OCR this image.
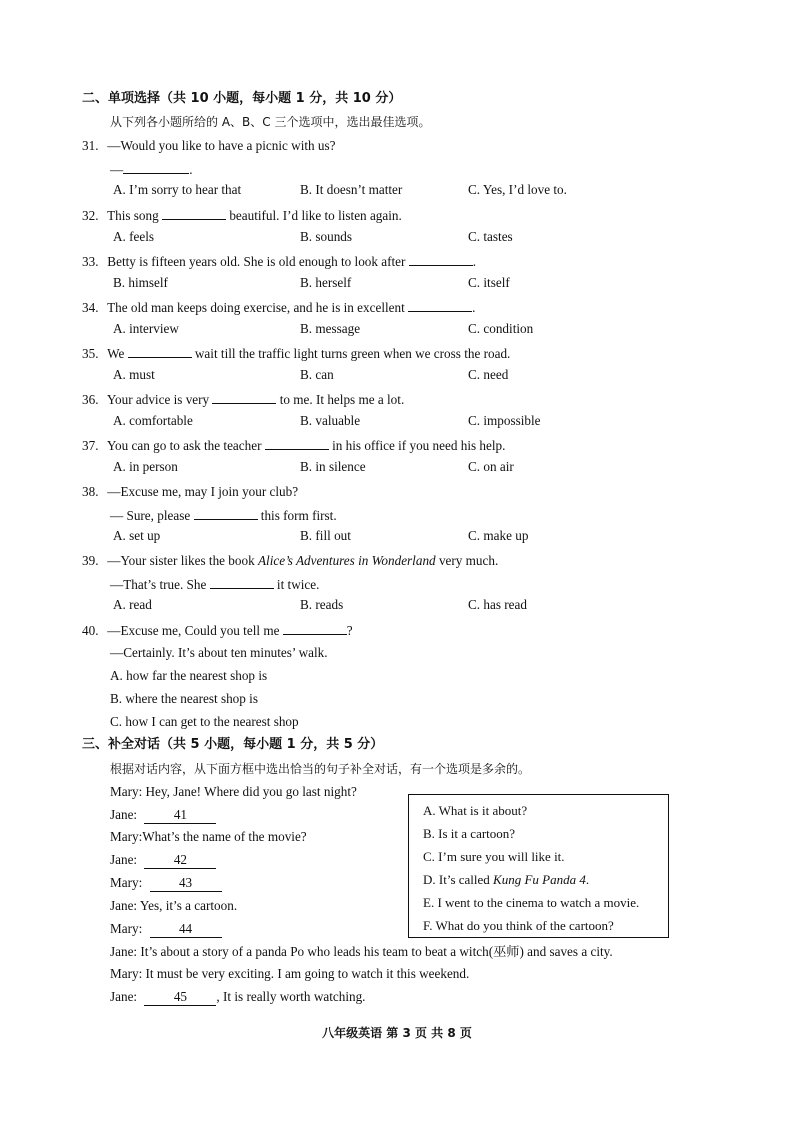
二、单项选择（共 10 小题，每小题 1 分，共 10 分）
从下列各小题所给的 A、B、C 三个选项中，选出最佳选项。
31. —Would you like to have a picnic with us?
—	.
A. I’m sorry to hear that	B. It doesn’t matter	C. Yes, I’d love to.
32. This song	beautiful. I’d like to listen again.
A. feels	B. sounds	C. tastes
33. Betty is fifteen years old. She is old enough to look after	.
B. himself	B. herself	C. itself
34. The old man keeps doing exercise, and he is in excellent	.
A. interview	B. message	C. condition
35. We	wait till the traffic light turns green when we cross the road.
A. must	B. can	C. need
36. Your advice is very	to me. It helps me a lot.
A. comfortable	B. valuable	C. impossible
37. You can go to ask the teacher	in his office if you need his help.
A. in person	B. in silence	C. on air
38. —Excuse me, may I join your club?
— Sure, please	this form first.
A. set up	B. fill out	C. make up
39. —Your sister likes the book Alice’s Adventures in Wonderland very much.
—That’s true. She	it twice.
A. read	B. reads	C. has read
40. —Excuse me, Could you tell me	?
—Certainly. It’s about ten minutes’ walk.
A. how far the nearest shop is
B. where the nearest shop is
C. how I can get to the nearest shop
三、补全对话（共 5 小题，每小题 1 分，共 5 分）
根据对话内容，从下面方框中选出恰当的句子补全对话，有一个选项是多余的。
Mary: Hey, Jane! Where did you go last night?
Jane:	41
Mary:What’s the name of the movie?
Jane:	42
Mary:	43
Jane: Yes, it’s a cartoon.
Mary:	44
Jane: It’s about a story of a panda Po who leads his team to beat a witch(巫师) and saves a city.
Mary: It must be very exciting. I am going to watch it this weekend.
Jane:	45 , It is really worth watching.
A. What is it about?
B. Is it a cartoon?
C. I’m sure you will like it.
D. It’s called Kung Fu Panda 4.
E. I went to the cinema to watch a movie.
F. What do you think of the cartoon?
八年级英语 第 3 页 共 8 页
